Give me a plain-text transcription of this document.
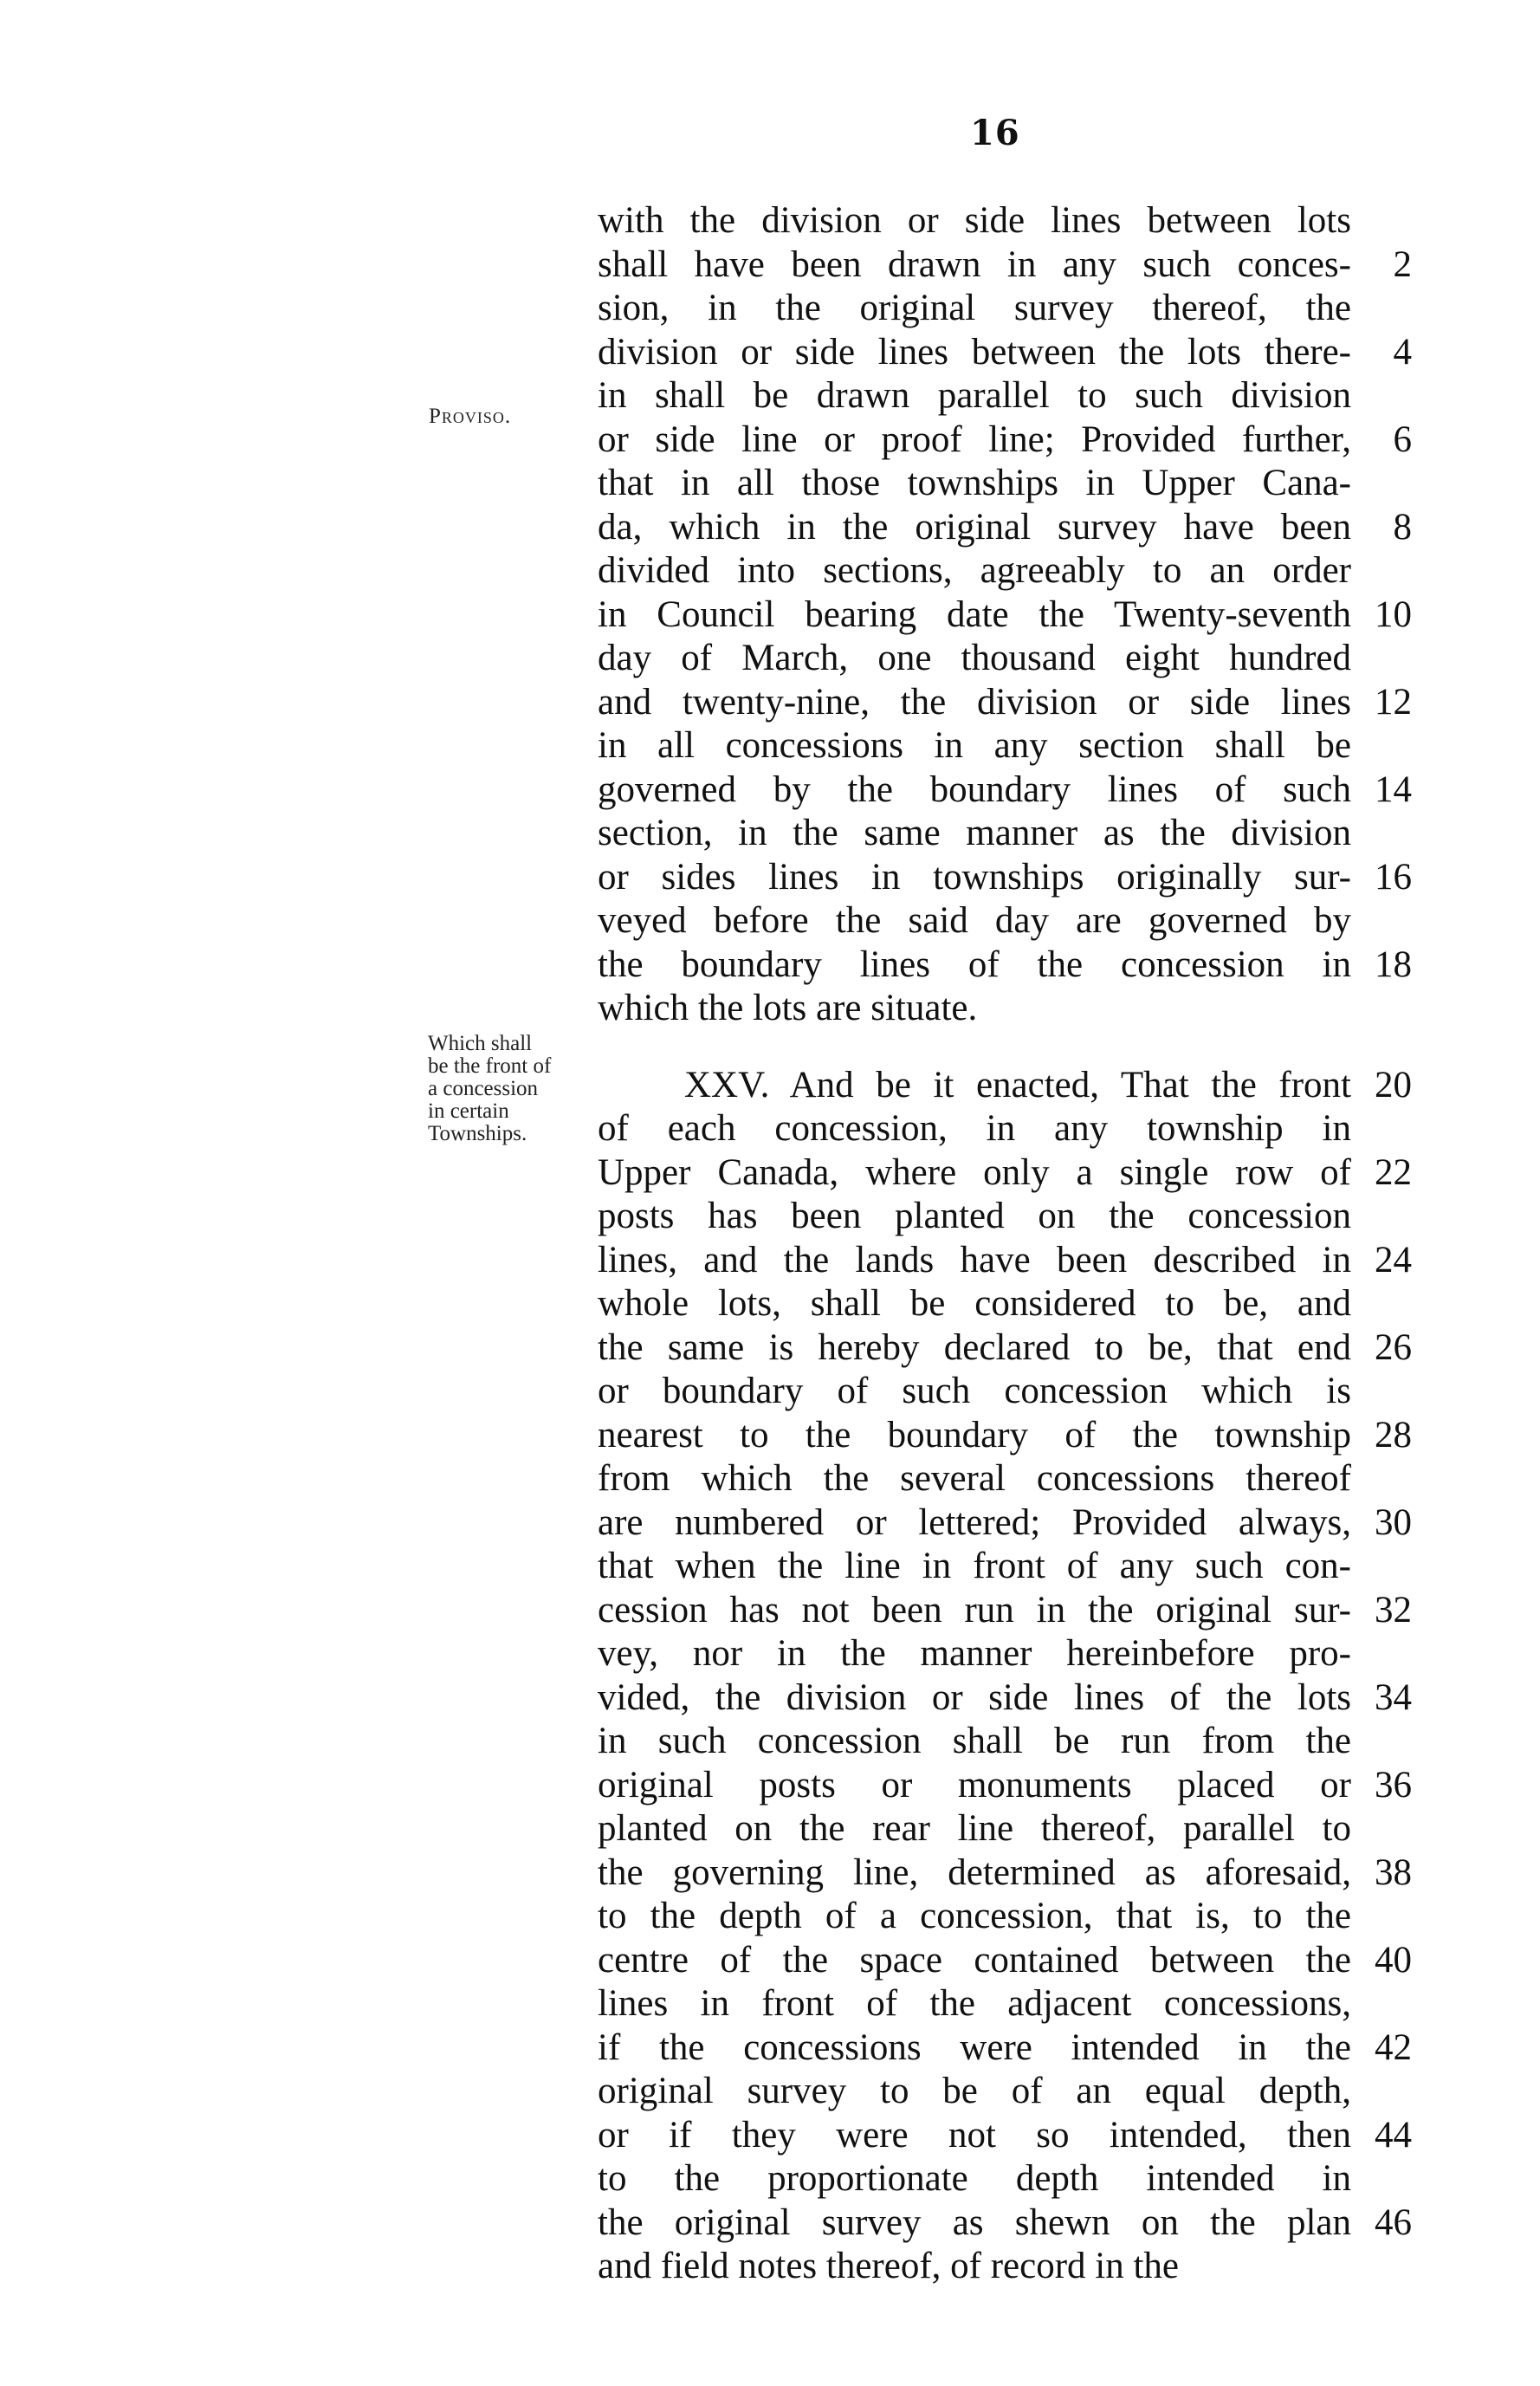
16
Proviso.
Which shall
be the front of
a concession
in certain
Townships.
with the division or side lines between lots
shall have been drawn in any such conces-	2
sion, in the original survey thereof, the
division or side lines between the lots there-	4
in shall be drawn parallel to such division
or side line or proof line; Provided further,	6
that in all those townships in Upper Cana-
da, which in the original survey have been	8
divided into sections, agreeably to an order
in Council bearing date the Twenty-seventh 10
day of March, one thousand eight hundred
and twenty-nine, the division or side lines 12
in all concessions in any section shall be
governed by the boundary lines of such 14
section, in the same manner as the division
or sides lines in townships originally sur- 16
veyed before the said day are governed by
the boundary lines of the concession in 18
which the lots are situate.
XXV. And be it enacted, That the front 20
of each concession, in any township in
Upper Canada, where only a single row of 22
posts has been planted on the concession
lines, and the lands have been described in 24
whole lots, shall be considered to be, and
the same is hereby declared to be, that end 26
or boundary of such concession which is
nearest to the boundary of the township 28
from which the several concessions thereof
are numbered or lettered; Provided always, 30
that when the line in front of any such con-
cession has not been run in the original sur- 32
vey, nor in the manner hereinbefore pro-
vided, the division or side lines of the lots 34
in such concession shall be run from the
original posts or monuments placed or 36
planted on the rear line thereof, parallel to
the governing line, determined as aforesaid, 38
to the depth of a concession, that is, to the
centre of the space contained between the 40
lines in front of the adjacent concessions,
if the concessions were intended in the 42
original survey to be of an equal depth,
or if they were not so intended, then 44
to the proportionate depth intended in
the original survey as shewn on the plan 46
and field notes thereof, of record in the
